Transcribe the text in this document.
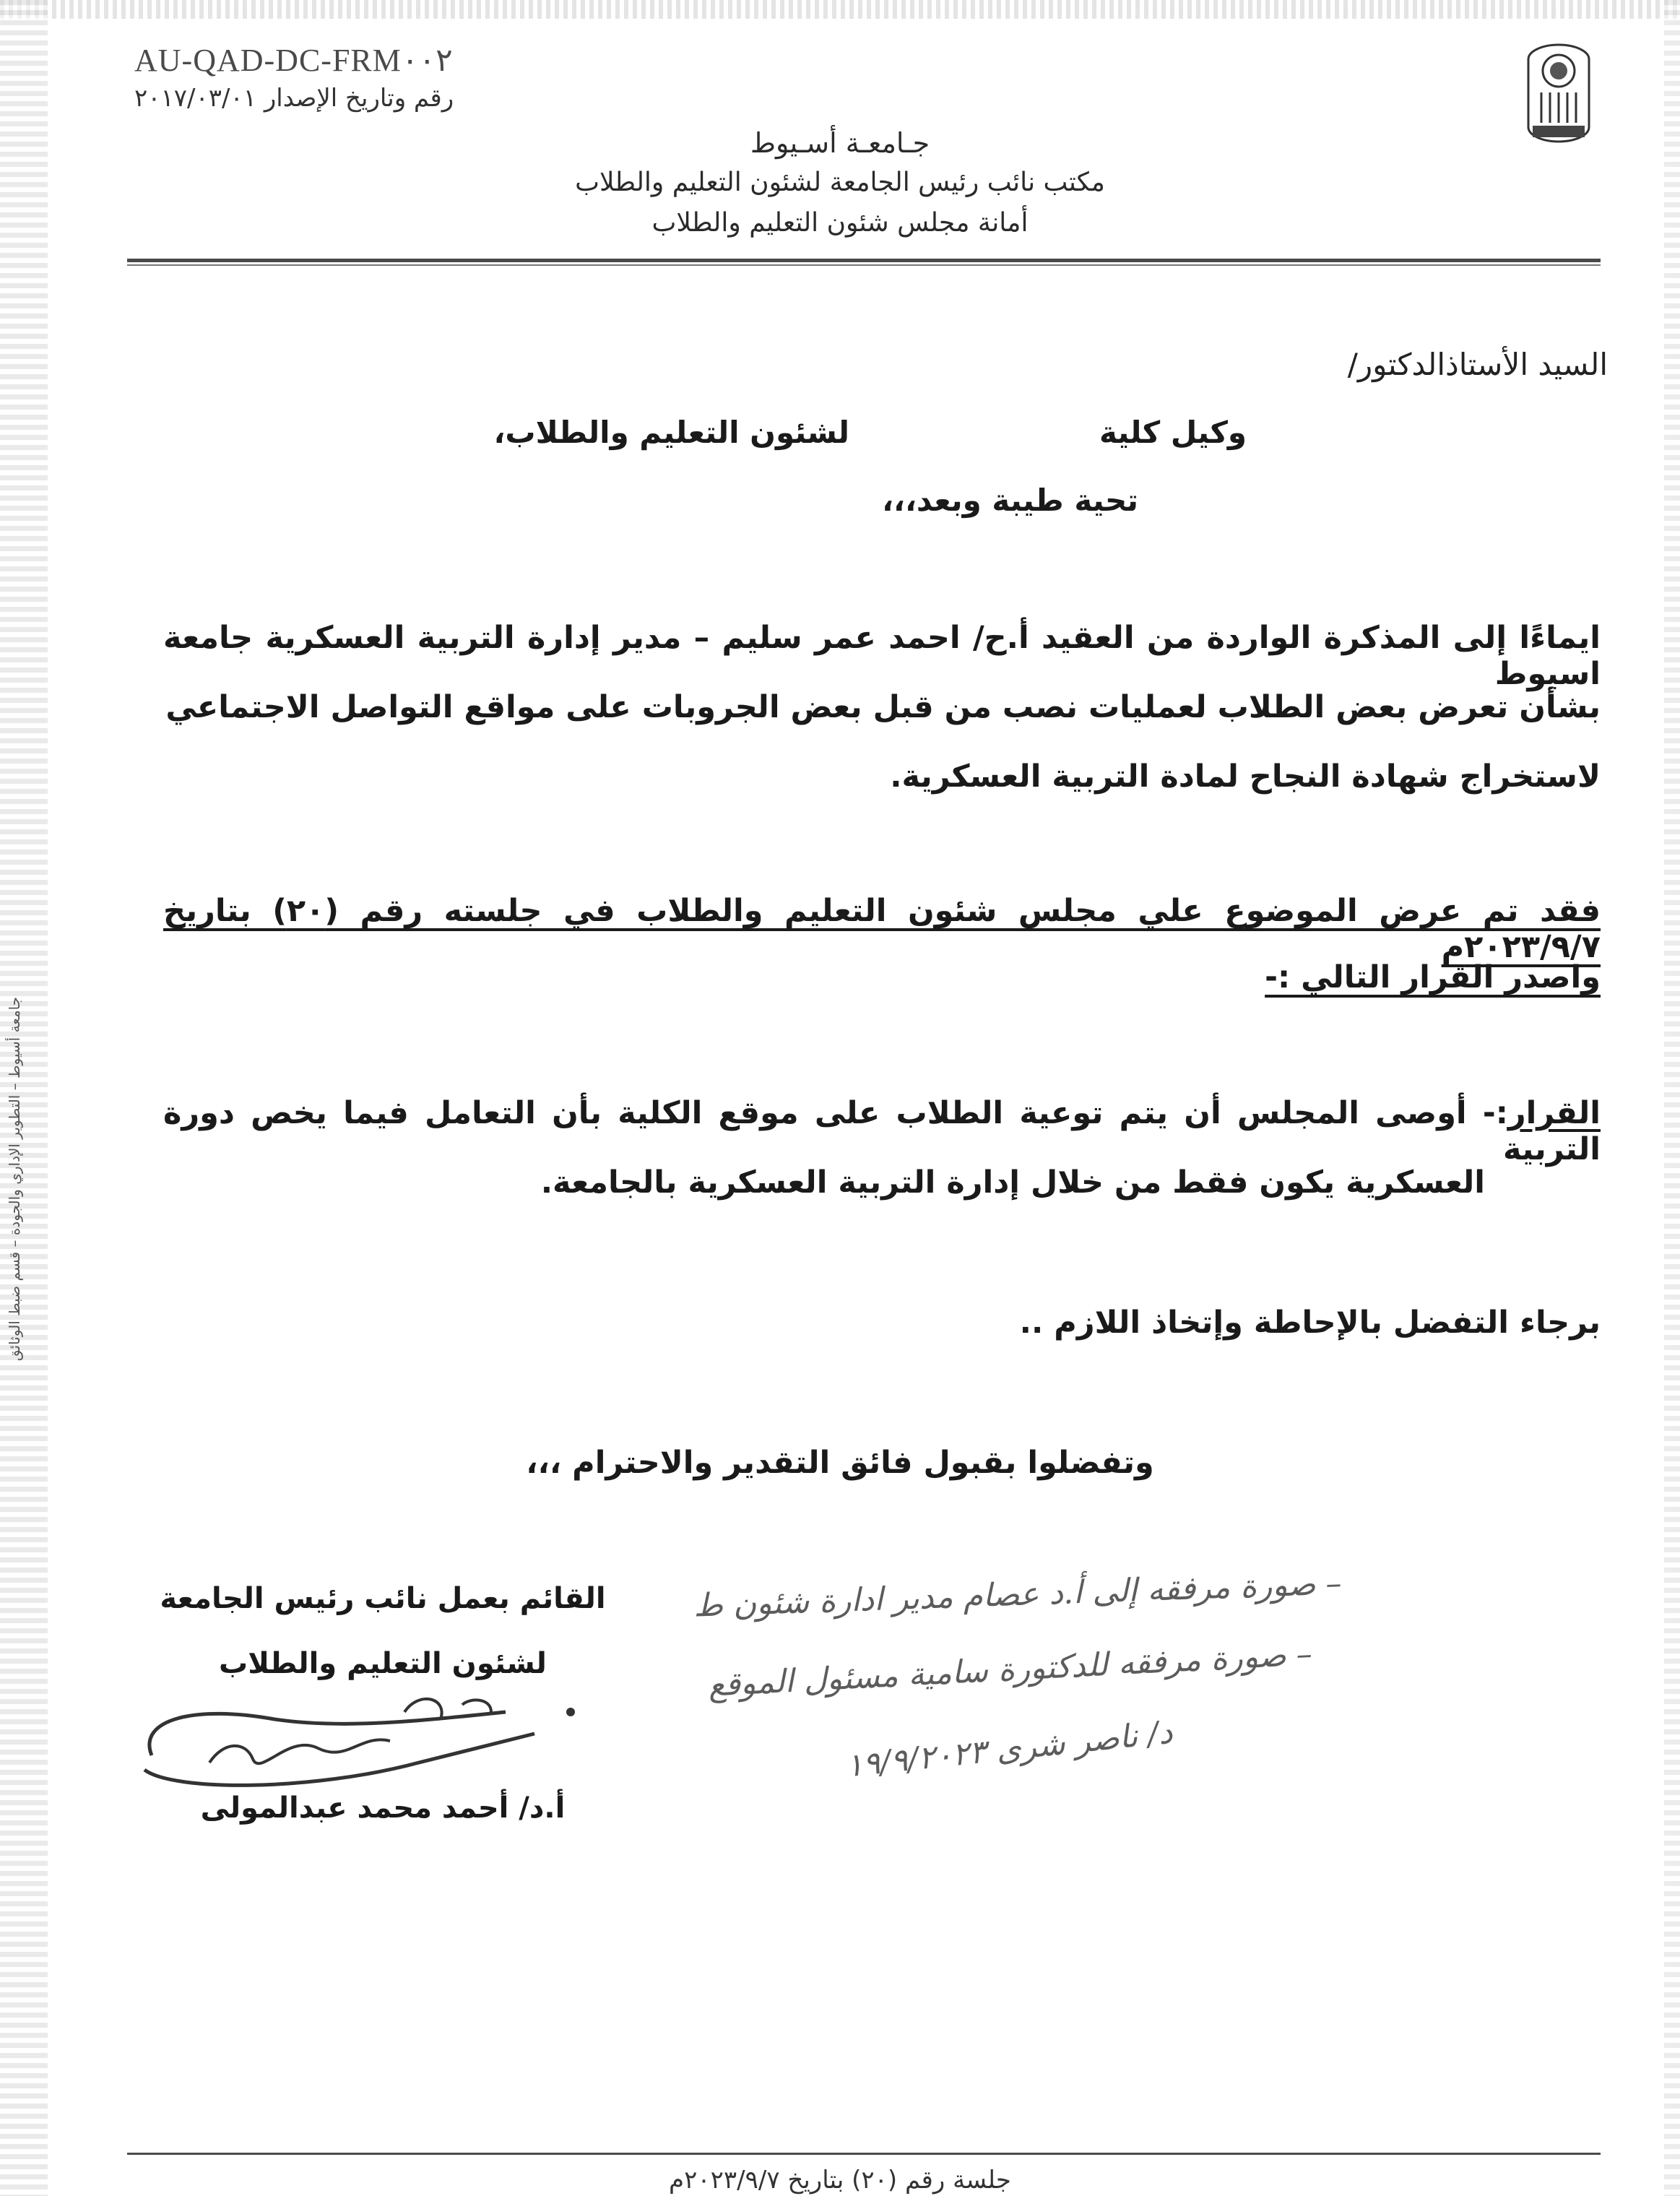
AU-QAD-DC-FRM٠٠٢
رقم وتاريخ الإصدار ٢٠١٧/٠٣/٠١
جـامعـة أسـيوط
مكتب نائب رئيس الجامعة لشئون التعليم والطلاب
أمانة مجلس شئون التعليم والطلاب
السيد الأستاذالدكتور/
وكيل كلية
لشئون التعليم والطلاب،
تحية طيبة وبعد،،،
ايماءًا إلى المذكرة الواردة من العقيد أ.ح/ احمد عمر سليم – مدير إدارة التربية العسكرية جامعة اسيوط
بشأن تعرض بعض الطلاب لعمليات نصب من قبل بعض الجروبات على مواقع التواصل الاجتماعي
لاستخراج شهادة النجاح لمادة التربية العسكرية.
فقد تم عرض الموضوع علي مجلس شئون التعليم والطلاب في جلسته رقم (٢٠) بتاريخ ٢٠٢٣/٩/٧م
واصدر القرار التالي :-
القرار:- أوصى المجلس أن يتم توعية الطلاب على موقع الكلية بأن التعامل فيما يخص دورة التربية
العسكرية يكون فقط من خلال إدارة التربية العسكرية بالجامعة.
برجاء التفضل بالإحاطة وإتخاذ اللازم ..
وتفضلوا بقبول فائق التقدير والاحترام ،،،
القائم بعمل نائب رئيس الجامعة
لشئون التعليم والطلاب
أ.د/ أحمد محمد عبدالمولى
– صورة مرفقه إلى أ.د عصام مدير ادارة شئون ط
– صورة مرفقه للدكتورة سامية مسئول الموقع
د/ ناصر شرى ١٩/٩/٢٠٢٣
جامعة أسيوط – التطوير الإداري والجودة – قسم ضبط الوثائق
جلسة رقم (٢٠) بتاريخ ٢٠٢٣/٩/٧م
